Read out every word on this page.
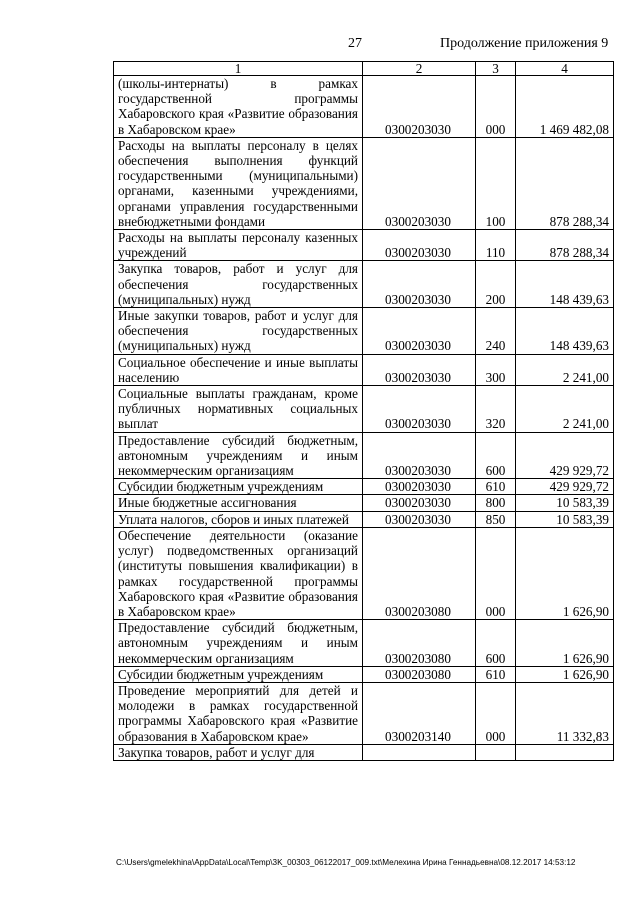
27	Продолжение приложения 9
1	2	3	4
(школы-интернаты) в рамках государственной программы Хабаровского края «Развитие образования в Хабаровском крае»	0300203030	000	1 469 482,08
Расходы на выплаты персоналу в целях обеспечения выполнения функций государственными (муниципальными) органами, казенными учреждениями, органами управления государственными внебюджетными фондами	0300203030	100	878 288,34
Расходы на выплаты персоналу казенных учреждений	0300203030	110	878 288,34
Закупка товаров, работ и услуг для обеспечения государственных (муниципальных) нужд	0300203030	200	148 439,63
Иные закупки товаров, работ и услуг для обеспечения государственных (муниципальных) нужд	0300203030	240	148 439,63
Социальное обеспечение и иные выплаты населению	0300203030	300	2 241,00
Социальные выплаты гражданам, кроме публичных нормативных социальных выплат	0300203030	320	2 241,00
Предоставление субсидий бюджетным, автономным учреждениям и иным некоммерческим организациям	0300203030	600	429 929,72
Субсидии бюджетным учреждениям	0300203030	610	429 929,72
Иные бюджетные ассигнования	0300203030	800	10 583,39
Уплата налогов, сборов и иных платежей	0300203030	850	10 583,39
Обеспечение деятельности (оказание услуг) подведомственных организаций (институты повышения квалификации) в рамках государственной программы Хабаровского края «Развитие образования в Хабаровском крае»	0300203080	000	1 626,90
Предоставление субсидий бюджетным, автономным учреждениям и иным некоммерческим организациям	0300203080	600	1 626,90
Субсидии бюджетным учреждениям	0300203080	610	1 626,90
Проведение мероприятий для детей и молодежи в рамках государственной программы Хабаровского края «Развитие образования в Хабаровском крае»	0300203140	000	11 332,83
Закупка товаров, работ и услуг для			
C:\Users\gmelekhina\AppData\Local\Temp\3K_00303_06122017_009.txt\Мелехина Ирина Геннадьевна\08.12.2017 14:53:12
